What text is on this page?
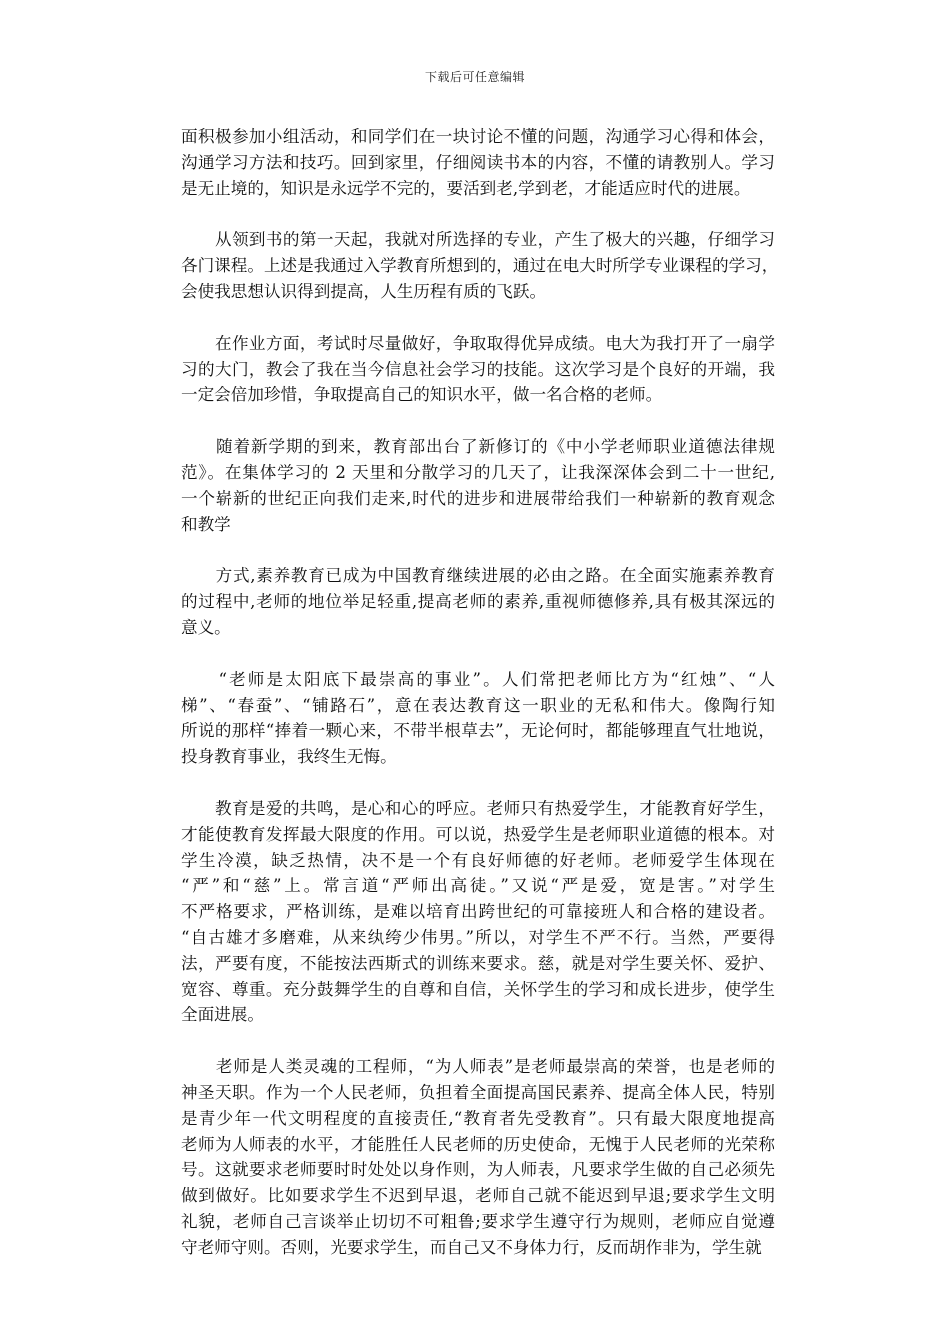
下载后可任意编辑
面积极参加小组活动，和同学们在一块讨论不懂的问题，沟通学习心得和体会，
沟通学习方法和技巧。回到家里，仔细阅读书本的内容，不懂的请教别人。学习
是无止境的，知识是永远学不完的，要活到老,学到老，才能适应时代的进展。
　　从领到书的第一天起，我就对所选择的专业，产生了极大的兴趣，仔细学习
各门课程。上述是我通过入学教育所想到的，通过在电大时所学专业课程的学习，
会使我思想认识得到提高，人生历程有质的飞跃。
　　在作业方面，考试时尽量做好，争取取得优异成绩。电大为我打开了一扇学
习的大门，教会了我在当今信息社会学习的技能。这次学习是个良好的开端，我
一定会倍加珍惜，争取提高自己的知识水平，做一名合格的老师。
　　随着新学期的到来，教育部出台了新修订的《中小学老师职业道德法律规
范》。在集体学习的 2 天里和分散学习的几天了，让我深深体会到二十一世纪,
一个崭新的世纪正向我们走来,时代的进步和进展带给我们一种崭新的教育观念
和教学
　　方式,素养教育已成为中国教育继续进展的必由之路。在全面实施素养教育
的过程中,老师的地位举足轻重,提高老师的素养,重视师德修养,具有极其深远的
意义。
　　“老师是太阳底下最崇高的事业”。人们常把老师比方为“红烛”、“人
梯”、“春蚕”、“铺路石”，意在表达教育这一职业的无私和伟大。像陶行知
所说的那样“捧着一颗心来，不带半根草去”，无论何时，都能够理直气壮地说，
投身教育事业，我终生无悔。
　　教育是爱的共鸣，是心和心的呼应。老师只有热爱学生，才能教育好学生，
才能使教育发挥最大限度的作用。可以说，热爱学生是老师职业道德的根本。对
学生冷漠，缺乏热情，决不是一个有良好师德的好老师。老师爱学生体现在
“严”和“慈”上。常言道“严师出高徒。”又说“严是爱，宽是害。”对学生
不严格要求，严格训练，是难以培育出跨世纪的可靠接班人和合格的建设者。
“自古雄才多磨难，从来纨绔少伟男。”所以，对学生不严不行。当然，严要得
法，严要有度，不能按法西斯式的训练来要求。慈，就是对学生要关怀、爱护、
宽容、尊重。充分鼓舞学生的自尊和自信，关怀学生的学习和成长进步，使学生
全面进展。
　　老师是人类灵魂的工程师，“为人师表”是老师最崇高的荣誉，也是老师的
神圣天职。作为一个人民老师，负担着全面提高国民素养、提高全体人民，特别
是青少年一代文明程度的直接责任,“教育者先受教育”。只有最大限度地提高
老师为人师表的水平，才能胜任人民老师的历史使命，无愧于人民老师的光荣称
号。这就要求老师要时时处处以身作则，为人师表，凡要求学生做的自己必须先
做到做好。比如要求学生不迟到早退，老师自己就不能迟到早退;要求学生文明
礼貌，老师自己言谈举止切切不可粗鲁;要求学生遵守行为规则，老师应自觉遵
守老师守则。否则，光要求学生，而自己又不身体力行，反而胡作非为，学生就
